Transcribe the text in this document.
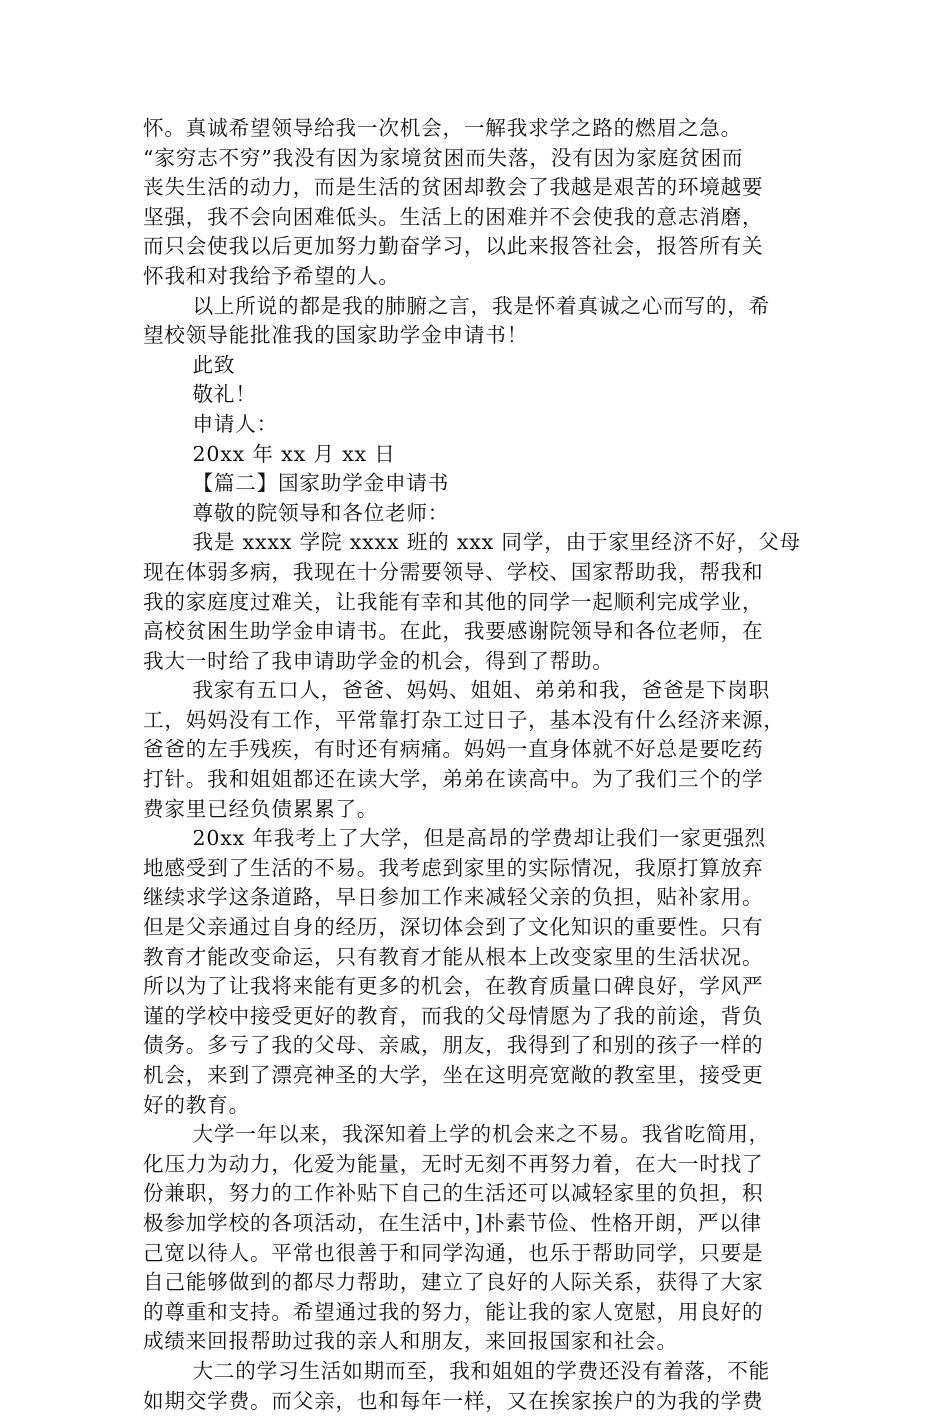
怀。真诚希望领导给我一次机会，一解我求学之路的燃眉之急。
“家穷志不穷”我没有因为家境贫困而失落，没有因为家庭贫困而
丧失生活的动力，而是生活的贫困却教会了我越是艰苦的环境越要
坚强，我不会向困难低头。生活上的困难并不会使我的意志消磨，
而只会使我以后更加努力勤奋学习，以此来报答社会，报答所有关
怀我和对我给予希望的人。
以上所说的都是我的肺腑之言，我是怀着真诚之心而写的，希
望校领导能批准我的国家助学金申请书！
此致
敬礼！
申请人：
20xx 年 xx 月 xx 日
【篇二】国家助学金申请书
尊敬的院领导和各位老师：
我是 xxxx 学院 xxxx 班的 xxx 同学，由于家里经济不好，父母
现在体弱多病，我现在十分需要领导、学校、国家帮助我，帮我和
我的家庭度过难关，让我能有幸和其他的同学一起顺利完成学业，
高校贫困生助学金申请书。在此，我要感谢院领导和各位老师，在
我大一时给了我申请助学金的机会，得到了帮助。
我家有五口人，爸爸、妈妈、姐姐、弟弟和我，爸爸是下岗职
工，妈妈没有工作，平常靠打杂工过日子，基本没有什么经济来源，
爸爸的左手残疾，有时还有病痛。妈妈一直身体就不好总是要吃药
打针。我和姐姐都还在读大学，弟弟在读高中。为了我们三个的学
费家里已经负债累累了。
20xx 年我考上了大学，但是高昂的学费却让我们一家更强烈
地感受到了生活的不易。我考虑到家里的实际情况，我原打算放弃
继续求学这条道路，早日参加工作来减轻父亲的负担，贴补家用。
但是父亲通过自身的经历，深切体会到了文化知识的重要性。只有
教育才能改变命运，只有教育才能从根本上改变家里的生活状况。
所以为了让我将来能有更多的机会，在教育质量口碑良好，学风严
谨的学校中接受更好的教育，而我的父母情愿为了我的前途，背负
债务。多亏了我的父母、亲戚，朋友，我得到了和别的孩子一样的
机会，来到了漂亮神圣的大学，坐在这明亮宽敞的教室里，接受更
好的教育。
大学一年以来，我深知着上学的机会来之不易。我省吃简用，
化压力为动力，化爱为能量，无时无刻不再努力着，在大一时找了
份兼职，努力的工作补贴下自己的生活还可以减轻家里的负担，积
极参加学校的各项活动，在生活中，]朴素节俭、性格开朗，严以律
己宽以待人。平常也很善于和同学沟通，也乐于帮助同学，只要是
自己能够做到的都尽力帮助，建立了良好的人际关系，获得了大家
的尊重和支持。希望通过我的努力，能让我的家人宽慰，用良好的
成绩来回报帮助过我的亲人和朋友，来回报国家和社会。
大二的学习生活如期而至，我和姐姐的学费还没有着落，不能
如期交学费。而父亲，也和每年一样，又在挨家挨户的为我的学费
